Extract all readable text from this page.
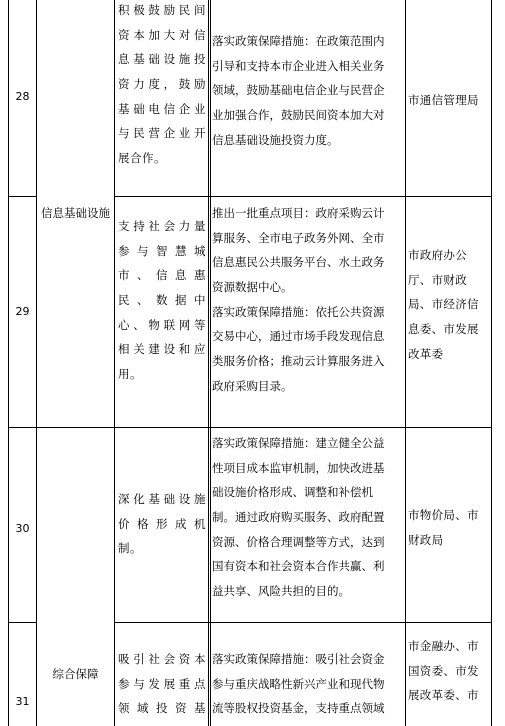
28
积极鼓励民间
资本加大对信
息基础设施投
资力度，鼓励
基础电信企业
与民营企业开
展合作。
落实政策保障措施：在政策范围内
引导和支持本市企业进入相关业务
领域，鼓励基础电信企业与民营企
业加强合作，鼓励民间资本加大对
信息基础设施投资力度。
市通信管理局
信息基础设施
29
支持社会力量
参与智慧城
市、信息惠
民、数据中
心、物联网等
相关建设和应
用。
推出一批重点项目：政府采购云计
算服务、全市电子政务外网、全市
信息惠民公共服务平台、水土政务
资源数据中心。
落实政策保障措施：依托公共资源
交易中心，通过市场手段发现信息
类服务价格；推动云计算服务进入
政府采购目录。
市政府办公
厅、市财政
局、市经济信
息委、市发展
改革委
30
深化基础设施
价格形成机
制。
落实政策保障措施：建立健全公益
性项目成本监审机制，加快改进基
础设施价格形成、调整和补偿机
制。通过政府购买服务、政府配置
资源、价格合理调整等方式，达到
国有资本和社会资本合作共赢、利
益共享、风险共担的目的。
市物价局、市
财政局
综合保障
31
吸引社会资本
参与发展重点
领域投资基
落实政策保障措施：吸引社会资金
参与重庆战略性新兴产业和现代物
流等股权投资基金，支持重点领域
市金融办、市
国资委、市发
展改革委、市
